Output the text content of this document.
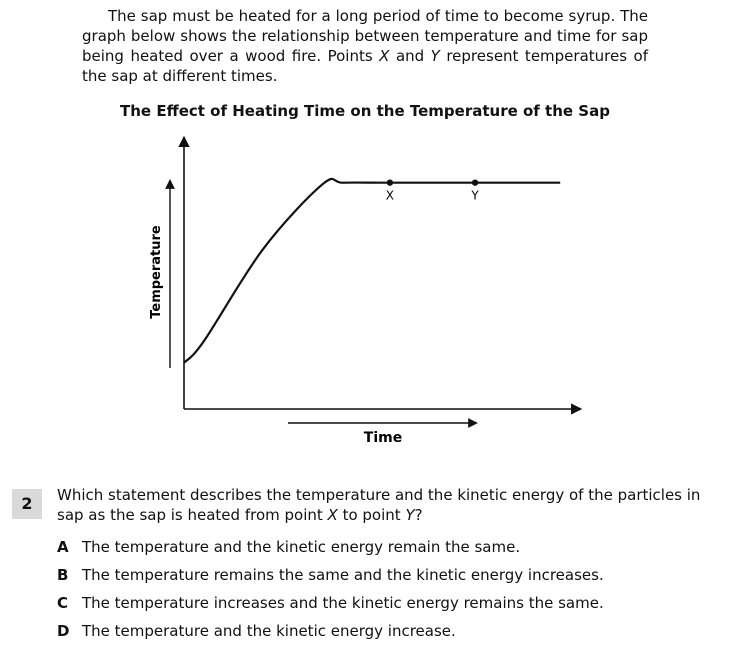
The sap must be heated for a long period of time to become syrup. The graph below shows the relationship between temperature and time for sap being heated over a wood fire. Points X and Y represent temperatures of the sap at different times.

The Effect of Heating Time on the Temperature of the Sap
X	Y
Time
Temperature
2	Which statement describes the temperature and the kinetic energy of the particles in sap as the sap is heated from point X to point Y?

A The temperature and the kinetic energy remain the same.
B The temperature remains the same and the kinetic energy increases.
C The temperature increases and the kinetic energy remains the same.
D The temperature and the kinetic energy increase.
